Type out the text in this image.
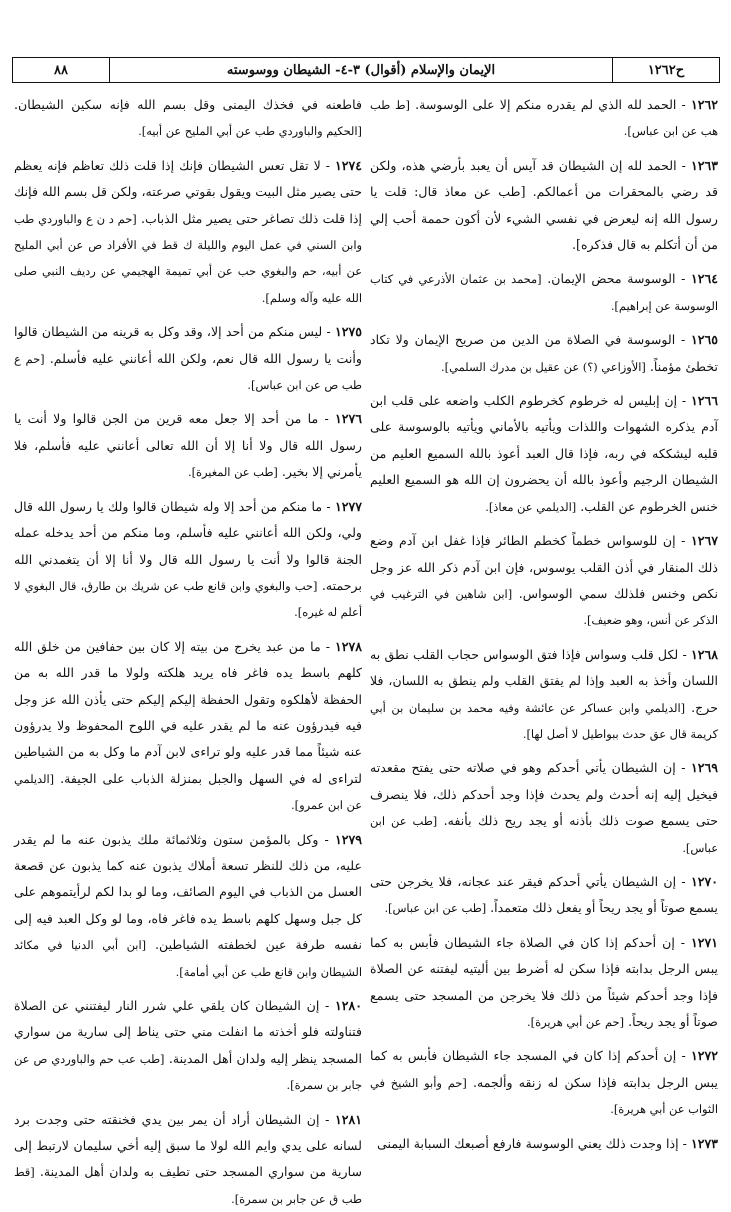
ح١٢٦٢
الإيمان والإسلام (أقوال) ٣-٤- الشيطان ووسوسته
٨٨

١٢٦٢ - الحمد لله الذي لم يقدره منكم إلا على الوسوسة. [ط طب هب عن ابن عباس].

١٢٦٣ - الحمد لله إن الشيطان قد آيس أن يعبد بأرضي هذه، ولكن قد رضي بالمحقرات من أعمالكم. [طب عن معاذ قال: قلت يا رسول الله إنه ليعرض في نفسي الشيء لأن أكون حممة أحب إلي من أن أتكلم به قال فذكره].

١٢٦٤ - الوسوسة محض الإيمان. [محمد بن عثمان الأذرعي في كتاب الوسوسة عن إبراهيم].

١٢٦٥ - الوسوسة في الصلاة من الدين من صريح الإيمان ولا تكاد تخطئ مؤمناً. [الأوزاعي (؟) عن عقيل بن مدرك السلمي].

١٢٦٦ - إن إبليس له خرطوم كخرطوم الكلب واضعه على قلب ابن آدم يذكره الشهوات واللذات ويأتيه بالأماني ويأتيه بالوسوسة على قلبه ليشككه في ربه، فإذا قال العبد أعوذ بالله السميع العليم من الشيطان الرجيم وأعوذ بالله أن يحضرون إن الله هو السميع العليم خنس الخرطوم عن القلب. [الديلمي عن معاذ].

١٢٦٧ - إن للوسواس خطماً كخطم الطائر فإذا غفل ابن آدم وضع ذلك المنقار في أذن القلب يوسوس، فإن ابن آدم ذكر الله عز وجل نكص وخنس فلذلك سمي الوسواس. [ابن شاهين في الترغيب في الذكر عن أنس، وهو ضعيف].

١٢٦٨ - لكل قلب وسواس فإذا فتق الوسواس حجاب القلب نطق به اللسان وأخذ به العبد وإذا لم يفتق القلب ولم ينطق به اللسان، فلا حرج. [الديلمي وابن عساكر عن عائشة وفيه محمد بن سليمان بن أبي كريمة قال عق حدث ببواطيل لا أصل لها].

١٢٦٩ - إن الشيطان يأتي أحدكم وهو في صلاته حتى يفتح مقعدته فيخيل إليه إنه أحدث ولم يحدث فإذا وجد أحدكم ذلك، فلا ينصرف حتى يسمع صوت ذلك بأذنه أو يجد ريح ذلك بأنفه. [طب عن ابن عباس].

١٢٧٠ - إن الشيطان يأتي أحدكم فيقر عند عجانه، فلا يخرجن حتى يسمع صوتاً أو يجد ريحاً أو يفعل ذلك متعمداً. [طب عن ابن عباس].

١٢٧١ - إن أحدكم إذا كان في الصلاة جاء الشيطان فأبس به كما يبس الرجل بدابته فإذا سكن له أضرط بين أليتيه ليفتنه عن الصلاة فإذا وجد أحدكم شيئاً من ذلك فلا يخرجن من المسجد حتى يسمع صوتاً أو يجد ريحاً. [حم عن أبي هريرة].

١٢٧٢ - إن أحدكم إذا كان في المسجد جاء الشيطان فأبس به كما يبس الرجل بدابته فإذا سكن له زنقه وألجمه. [حم وأبو الشيخ في الثواب عن أبي هريرة].

١٢٧٣ - إذا وجدت ذلك يعني الوسوسة فارفع أصبعك السبابة اليمنى

فاطعنه في فخذك اليمنى وقل بسم الله فإنه سكين الشيطان. [الحكيم والباوردي طب عن أبي المليح عن أبيه].

١٢٧٤ - لا تقل تعس الشيطان فإنك إذا قلت ذلك تعاظم فإنه يعظم حتى يصير مثل البيت ويقول بقوتي صرعته، ولكن قل بسم الله فإنك إذا قلت ذلك تصاغر حتى يصير مثل الذباب. [حم د ن ع والباوردي طب وابن السني في عمل اليوم والليلة ك قط في الأفراد ص عن أبي المليح عن أبيه، حم والبغوي حب عن أبي تميمة الهجيمي عن رديف النبي صلى الله عليه وآله وسلم].

١٢٧٥ - ليس منكم من أحد إلا، وقد وكل به قرينه من الشيطان قالوا وأنت يا رسول الله قال نعم، ولكن الله أعانني عليه فأسلم. [حم ع طب ص عن ابن عباس].

١٢٧٦ - ما من أحد إلا جعل معه قرين من الجن قالوا ولا أنت يا رسول الله قال ولا أنا إلا أن الله تعالى أعانني عليه فأسلم، فلا يأمرني إلا بخير. [طب عن المغيرة].

١٢٧٧ - ما منكم من أحد إلا وله شيطان قالوا ولك يا رسول الله قال ولي، ولكن الله أعانني عليه فأسلم، وما منكم من أحد يدخله عمله الجنة قالوا ولا أنت يا رسول الله قال ولا أنا إلا أن يتغمدني الله برحمته. [حب والبغوي وابن قانع طب عن شريك بن طارق، قال البغوي لا أعلم له غيره].

١٢٧٨ - ما من عبد يخرج من بيته إلا كان بين حفافين من خلق الله كلهم باسط يده فاغر فاه يريد هلكته ولولا ما قدر الله به من الحفظة لأهلكوه وتقول الحفظة إليكم إليكم حتى يأذن الله عز وجل فيه فيدرؤون عنه ما لم يقدر عليه في اللوح المحفوظ ولا يدرؤون عنه شيئاً مما قدر عليه ولو تراءى لابن آدم ما وكل به من الشياطين لتراءى له في السهل والجبل بمنزلة الذباب على الجيفة. [الديلمي عن ابن عمرو].

١٢٧٩ - وكل بالمؤمن ستون وثلاثمائة ملك يذبون عنه ما لم يقدر عليه، من ذلك للنظر تسعة أملاك يذبون عنه كما يذبون عن قصعة العسل من الذباب في اليوم الصائف، وما لو بدا لكم لرأيتموهم على كل جبل وسهل كلهم باسط يده فاغر فاه، وما لو وكل العبد فيه إلى نفسه طرفة عين لخطفته الشياطين. [ابن أبي الدنيا في مكائد الشيطان وابن قانع طب عن أبي أمامة].

١٢٨٠ - إن الشيطان كان يلقي علي شرر النار ليفتنني عن الصلاة فتناولته فلو أخذته ما انفلت مني حتى يناط إلى سارية من سواري المسجد ينظر إليه ولدان أهل المدينة. [طب عب حم والباوردي ص عن جابر بن سمرة].

١٢٨١ - إن الشيطان أراد أن يمر بين يدي فخنقته حتى وجدت برد لسانه على يدي وايم الله لولا ما سبق إليه أخي سليمان لارتبط إلى سارية من سواري المسجد حتى تطيف به ولدان أهل المدينة. [قط طب ق عن جابر بن سمرة].
